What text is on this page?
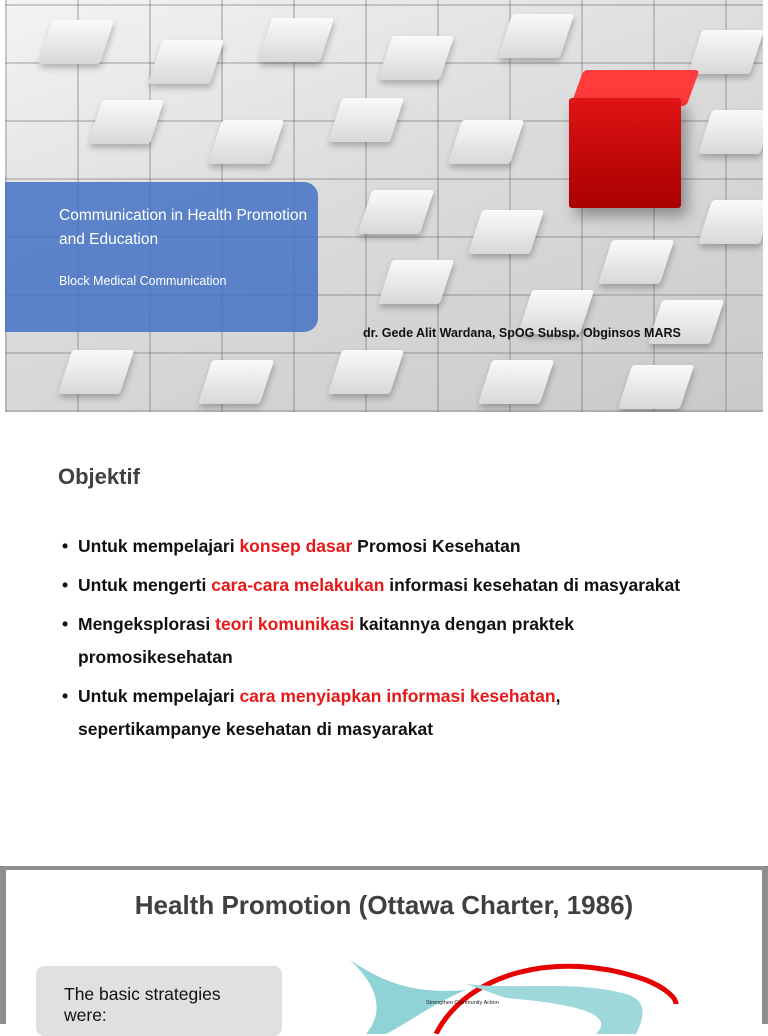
Communication in Health Promotion and Education
Block Medical Communication
dr. Gede Alit Wardana, SpOG Subsp. Obginsos MARS
Objektif
• Untuk mempelajari konsep dasar Promosi Kesehatan
• Untuk mengerti cara-cara melakukan informasi kesehatan di masyarakat
• Mengeksplorasi teori komunikasi kaitannya dengan praktek promosikesehatan
• Untuk mempelajari cara menyiapkan informasi kesehatan, sepertikampanye kesehatan di masyarakat
Health Promotion (Ottawa Charter, 1986)
The basic strategies were:
Strengthen Community Action
